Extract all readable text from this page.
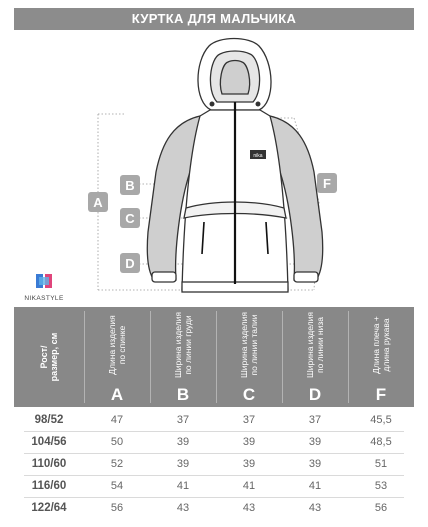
КУРТКА ДЛЯ МАЛЬЧИКА
nika
A
B
C
D
F
NIKASTYLE
Рост/
размер, см
Длина изделия
по спинке
A
Ширина изделия
по линии груди
B
Ширина изделия
по линии талии
C
Ширина изделия
по линии низа
D
Длина плеча +
длина рукава
F
98/52	47	37	37	37	45,5
104/56	50	39	39	39	48,5
110/60	52	39	39	39	51
116/60	54	41	41	41	53
122/64	56	43	43	43	56
